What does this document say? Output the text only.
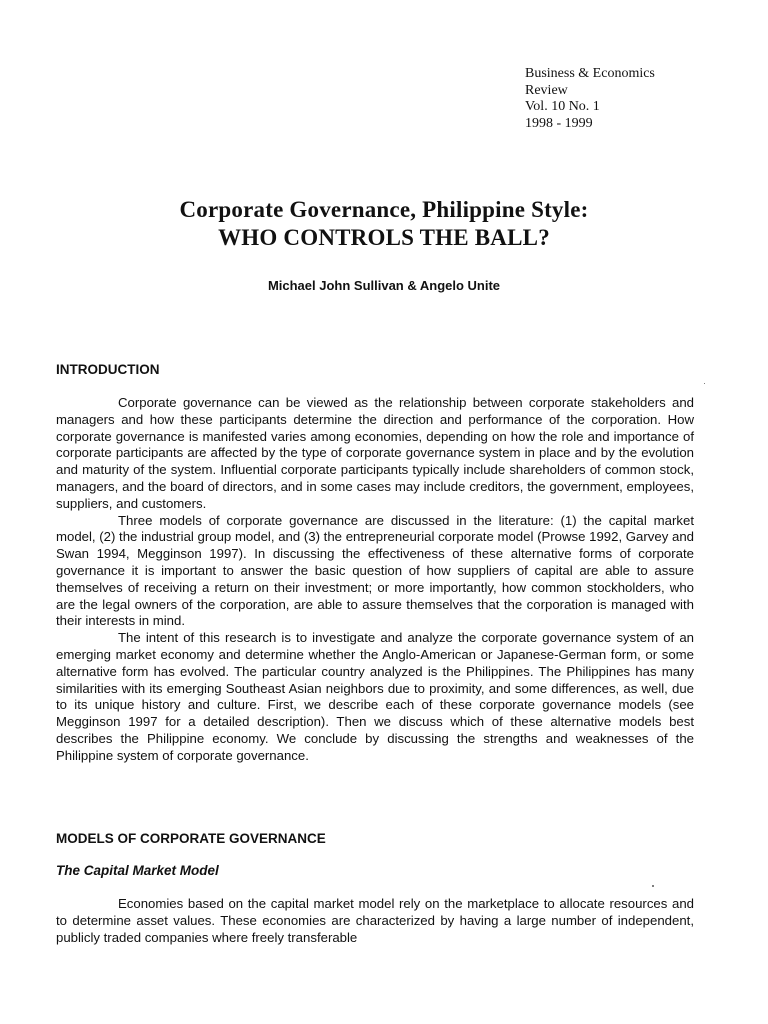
Business & Economics
Review
Vol. 10 No. 1
1998 - 1999
Corporate Governance, Philippine Style:
WHO CONTROLS THE BALL?
Michael John Sullivan & Angelo Unite
INTRODUCTION

Corporate governance can be viewed as the relationship between corporate stakeholders and managers and how these participants determine the direction and performance of the corporation. How corporate governance is manifested varies among economies, depending on how the role and importance of corporate participants are affected by the type of corporate governance system in place and by the evolution and maturity of the system. Influential corporate participants typically include shareholders of common stock, managers, and the board of directors, and in some cases may include creditors, the government, employees, suppliers, and customers.

Three models of corporate governance are discussed in the literature: (1) the capital market model, (2) the industrial group model, and (3) the entrepreneurial corporate model (Prowse 1992, Garvey and Swan 1994, Megginson 1997). In discussing the effectiveness of these alternative forms of corporate governance it is important to answer the basic question of how suppliers of capital are able to assure themselves of receiving a return on their investment; or more importantly, how common stockholders, who are the legal owners of the corporation, are able to assure themselves that the corporation is managed with their interests in mind.

The intent of this research is to investigate and analyze the corporate governance system of an emerging market economy and determine whether the Anglo-American or Japanese-German form, or some alternative form has evolved. The particular country analyzed is the Philippines. The Philippines has many similarities with its emerging Southeast Asian neighbors due to proximity, and some differences, as well, due to its unique history and culture. First, we describe each of these corporate governance models (see Megginson 1997 for a detailed description). Then we discuss which of these alternative models best describes the Philippine economy. We conclude by discussing the strengths and weaknesses of the Philippine system of corporate governance.

MODELS OF CORPORATE GOVERNANCE
The Capital Market Model

Economies based on the capital market model rely on the marketplace to allocate resources and to determine asset values. These economies are characterized by having a large number of independent, publicly traded companies where freely transferable
